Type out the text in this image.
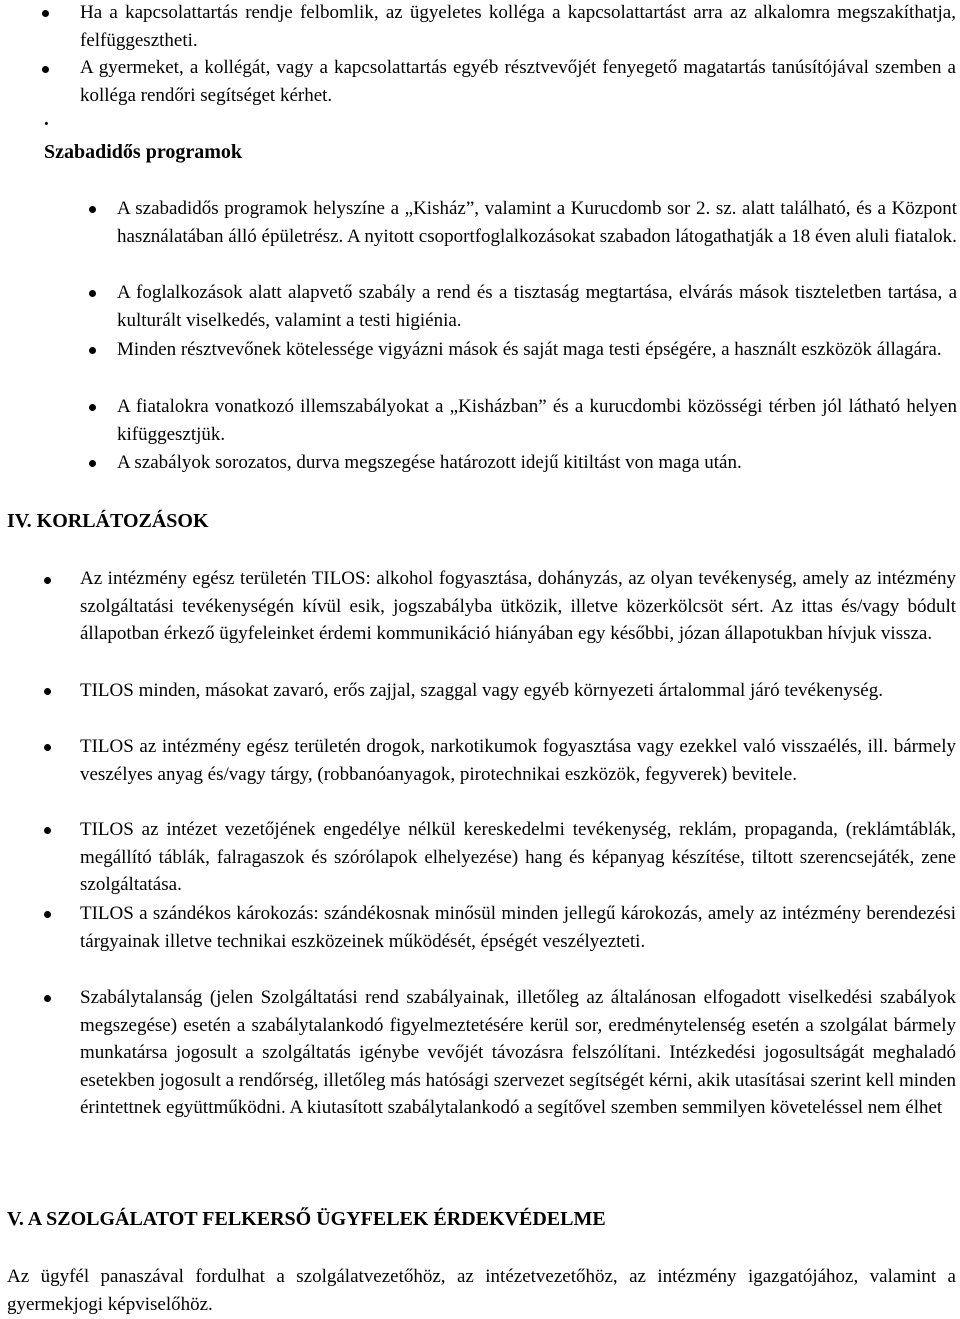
Ha a kapcsolattartás rendje felbomlik, az ügyeletes kolléga a kapcsolattartást arra az alkalomra megszakíthatja, felfüggesztheti.

A gyermeket, a kollégát, vagy a kapcsolattartás egyéb résztvevőjét fenyegető magatartás tanúsítójával szemben a kolléga rendőri segítséget kérhet.

.
Szabadidős programok

A szabadidős programok helyszíne a „Kisház”, valamint a Kurucdomb sor 2. sz. alatt található, és a Központ használatában álló épületrész. A nyitott csoportfoglalkozásokat szabadon látogathatják a 18 éven aluli fiatalok.

A foglalkozások alatt alapvető szabály a rend és a tisztaság megtartása, elvárás mások tiszteletben tartása, a kulturált viselkedés, valamint a testi higiénia.

Minden résztvevőnek kötelessége vigyázni mások és saját maga testi épségére, a használt eszközök állagára.

A fiatalokra vonatkozó illemszabályokat a „Kisházban” és a kurucdombi közösségi térben jól látható helyen kifüggesztjük.

A szabályok sorozatos, durva megszegése határozott idejű kitiltást von maga után.

IV. KORLÁTOZÁSOK

Az intézmény egész területén TILOS: alkohol fogyasztása, dohányzás, az olyan tevékenység, amely az intézmény szolgáltatási tevékenységén kívül esik, jogszabályba ütközik, illetve közerkölcsöt sért. Az ittas és/vagy bódult állapotban érkező ügyfeleinket érdemi kommunikáció hiányában egy későbbi, józan állapotukban hívjuk vissza.

TILOS minden, másokat zavaró, erős zajjal, szaggal vagy egyéb környezeti ártalommal járó tevékenység.

TILOS az intézmény egész területén drogok, narkotikumok fogyasztása vagy ezekkel való visszaélés, ill. bármely veszélyes anyag és/vagy tárgy, (robbanóanyagok, pirotechnikai eszközök, fegyverek) bevitele.

TILOS az intézet vezetőjének engedélye nélkül kereskedelmi tevékenység, reklám, propaganda, (reklámtáblák, megállító táblák, falragaszok és szórólapok elhelyezése) hang és képanyag készítése, tiltott szerencsejáték, zene szolgáltatása.

TILOS a szándékos károkozás: szándékosnak minősül minden jellegű károkozás, amely az intézmény berendezési tárgyainak illetve technikai eszközeinek működését, épségét veszélyezteti.

Szabálytalanság (jelen Szolgáltatási rend szabályainak, illetőleg az általánosan elfogadott viselkedési szabályok megszegése) esetén a szabálytalankodó figyelmeztetésére kerül sor, eredménytelenség esetén a szolgálat bármely munkatársa jogosult a szolgáltatás igénybe vevőjét távozásra felszólítani. Intézkedési jogosultságát meghaladó esetekben jogosult a rendőrség, illetőleg más hatósági szervezet segítségét kérni, akik utasításai szerint kell minden érintettnek együttműködni. A kiutasított szabálytalankodó a segítővel szemben semmilyen követeléssel nem élhet

V. A SZOLGÁLATOT FELKERSŐ ÜGYFELEK ÉRDEKVÉDELME

Az ügyfél panaszával fordulhat a szolgálatvezetőhöz, az intézetvezetőhöz, az intézmény igazgatójához, valamint a gyermekjogi képviselőhöz.
